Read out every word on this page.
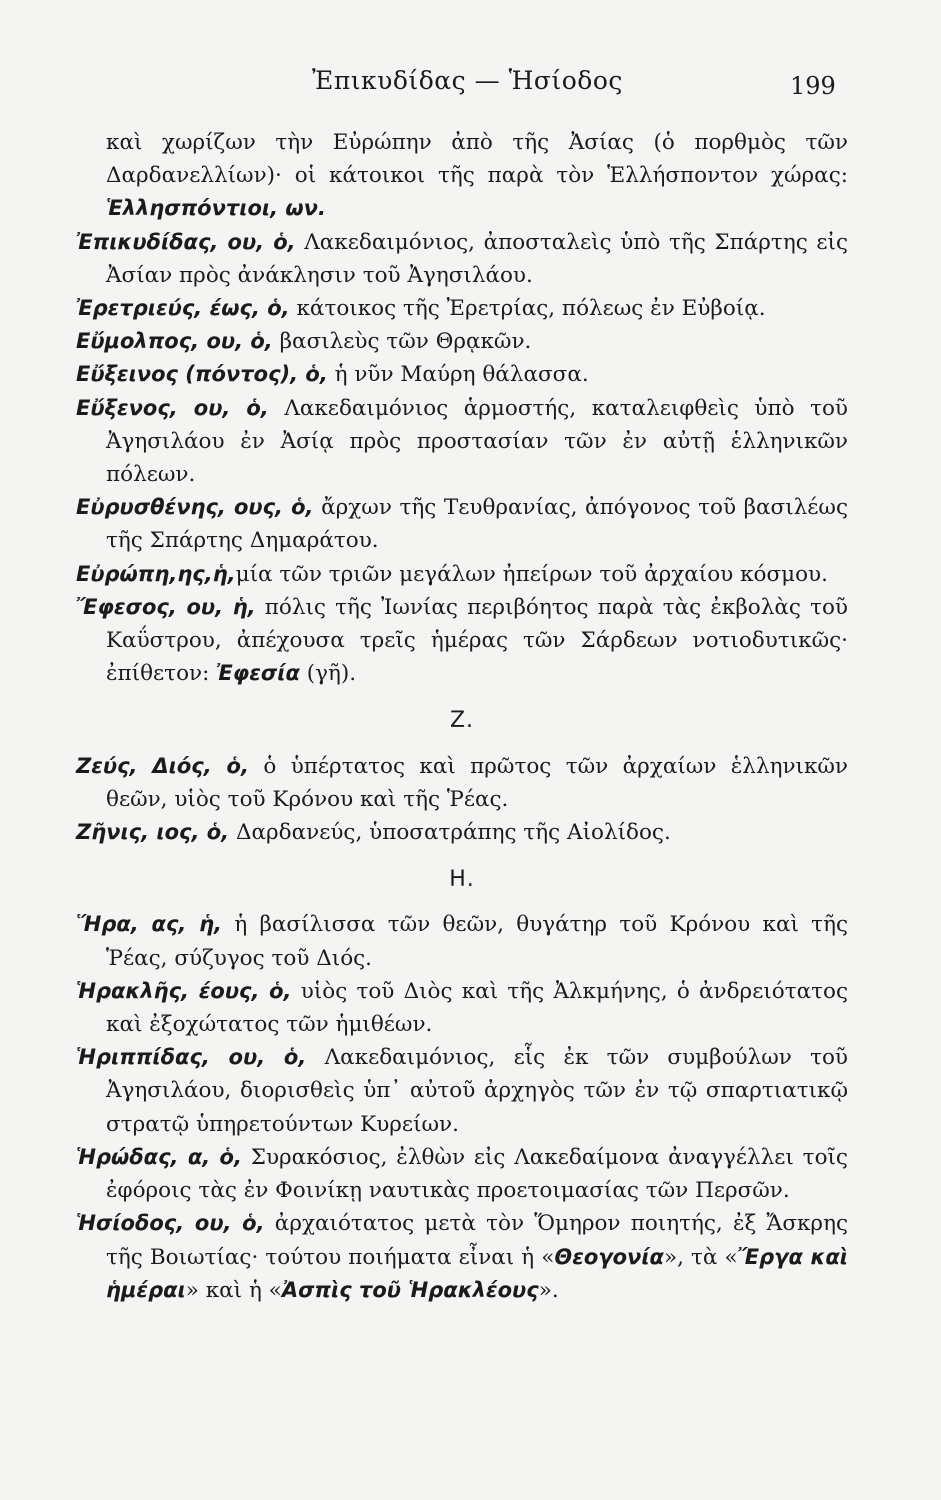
Ἐπικυδίδας — Ἡσίοδος	199

καὶ χωρίζων τὴν Εὐρώπην ἀπὸ τῆς Ἀσίας (ὁ πορθμὸς τῶν Δαρδανελλίων)· οἱ κάτοικοι τῆς παρὰ τὸν Ἑλλήσποντον χώρας: Ἑλλησπόντιοι, ων.

Ἐπικυδίδας, ου, ὁ, Λακεδαιμόνιος, ἀποσταλεὶς ὑπὸ τῆς Σπάρτης εἰς Ἀσίαν πρὸς ἀνάκλησιν τοῦ Ἀγησιλάου.

Ἐρετριεύς, έως, ὁ, κάτοικος τῆς Ἐρετρίας, πόλεως ἐν Εὐβοίᾳ.

Εὔμολπος, ου, ὁ, βασιλεὺς τῶν Θρᾳκῶν.

Εὔξεινος (πόντος), ὁ, ἡ νῦν Μαύρη θάλασσα.

Εὔξενος, ου, ὁ, Λακεδαιμόνιος ἁρμοστής, καταλειφθεὶς ὑπὸ τοῦ Ἀγησιλάου ἐν Ἀσίᾳ πρὸς προστασίαν τῶν ἐν αὐτῇ ἑλληνικῶν πόλεων.

Εὐρυσθένης, ους, ὁ, ἄρχων τῆς Τευθρανίας, ἀπόγονος τοῦ βασιλέως τῆς Σπάρτης Δημαράτου.

Εὐρώπη,ης,ἡ,μία τῶν τριῶν μεγάλων ἠπείρων τοῦ ἀρχαίου κόσμου.

Ἔφεσος, ου, ἡ, πόλις τῆς Ἰωνίας περιβόητος παρὰ τὰς ἐκβολὰς τοῦ Καΰστρου, ἀπέχουσα τρεῖς ἡμέρας τῶν Σάρδεων νοτιοδυτικῶς· ἐπίθετον: Ἐφεσία (γῆ).

Ζ.

Ζεύς, Διός, ὁ, ὁ ὑπέρτατος καὶ πρῶτος τῶν ἀρχαίων ἑλληνικῶν θεῶν, υἱὸς τοῦ Κρόνου καὶ τῆς Ῥέας.

Ζῆνις, ιος, ὁ, Δαρδανεύς, ὑποσατράπης τῆς Αἰολίδος.

Η.

Ἥρα, ας, ἡ, ἡ βασίλισσα τῶν θεῶν, θυγάτηρ τοῦ Κρόνου καὶ τῆς Ῥέας, σύζυγος τοῦ Διός.

Ἡρακλῆς, έους, ὁ, υἱὸς τοῦ Διὸς καὶ τῆς Ἀλκμήνης, ὁ ἀνδρειότατος καὶ ἐξοχώτατος τῶν ἡμιθέων.

Ἡριππίδας, ου, ὁ, Λακεδαιμόνιος, εἷς ἐκ τῶν συμβούλων τοῦ Ἀγησιλάου, διορισθεὶς ὑπ᾽ αὐτοῦ ἀρχηγὸς τῶν ἐν τῷ σπαρτιατικῷ στρατῷ ὑπηρετούντων Κυρείων.

Ἡρώδας, α, ὁ, Συρακόσιος, ἐλθὼν εἰς Λακεδαίμονα ἀναγγέλλει τοῖς ἐφόροις τὰς ἐν Φοινίκῃ ναυτικὰς προετοιμασίας τῶν Περσῶν.

Ἡσίοδος, ου, ὁ, ἀρχαιότατος μετὰ τὸν Ὅμηρον ποιητής, ἐξ Ἄσκρης τῆς Βοιωτίας· τούτου ποιήματα εἶναι ἡ «Θεογονία», τὰ «Ἔργα καὶ ἡμέραι» καὶ ἡ «Ἀσπὶς τοῦ Ἡρακλέους».
